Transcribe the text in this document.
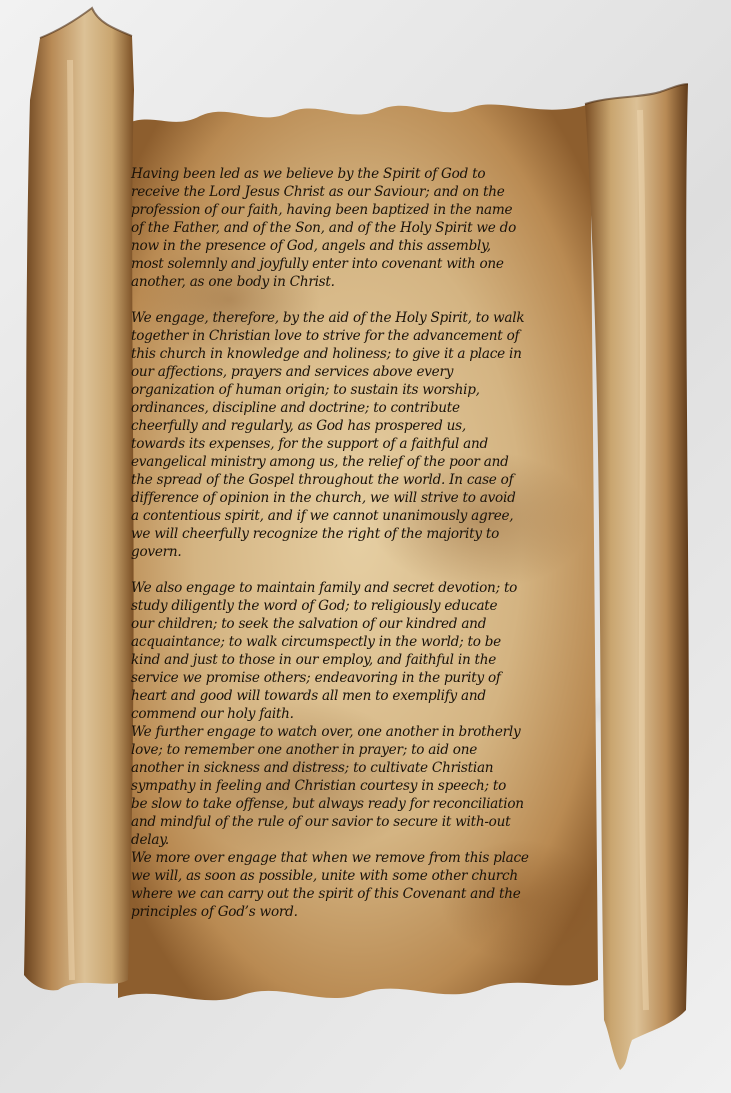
Having been led as we believe by the Spirit of God to
receive the Lord Jesus Christ as our Saviour; and on the
profession of our faith, having been baptized in the name
of the Father, and of the Son, and of the Holy Spirit we do
now in the presence of God, angels and this assembly,
most solemnly and joyfully enter into covenant with one
another, as one body in Christ.

We engage, therefore, by the aid of the Holy Spirit, to walk
together in Christian love to strive for the advancement of
this church in knowledge and holiness; to give it a place in
our affections, prayers and services above every
organization of human origin; to sustain its worship,
ordinances, discipline and doctrine; to contribute
cheerfully and regularly, as God has prospered us,
towards its expenses, for the support of a faithful and
evangelical ministry among us, the relief of the poor and
the spread of the Gospel throughout the world. In case of
difference of opinion in the church, we will strive to avoid
a contentious spirit, and if we cannot unanimously agree,
we will cheerfully recognize the right of the majority to
govern.

We also engage to maintain family and secret devotion; to
study diligently the word of God; to religiously educate
our children; to seek the salvation of our kindred and
acquaintance; to walk circumspectly in the world; to be
kind and just to those in our employ, and faithful in the
service we promise others; endeavoring in the purity of
heart and good will towards all men to exemplify and
commend our holy faith.

We further engage to watch over, one another in brotherly
love; to remember one another in prayer; to aid one
another in sickness and distress; to cultivate Christian
sympathy in feeling and Christian courtesy in speech; to
be slow to take offense, but always ready for reconciliation
and mindful of the rule of our savior to secure it with-out
delay.

We more over engage that when we remove from this place
we will, as soon as possible, unite with some other church
where we can carry out the spirit of this Covenant and the
principles of God’s word.
